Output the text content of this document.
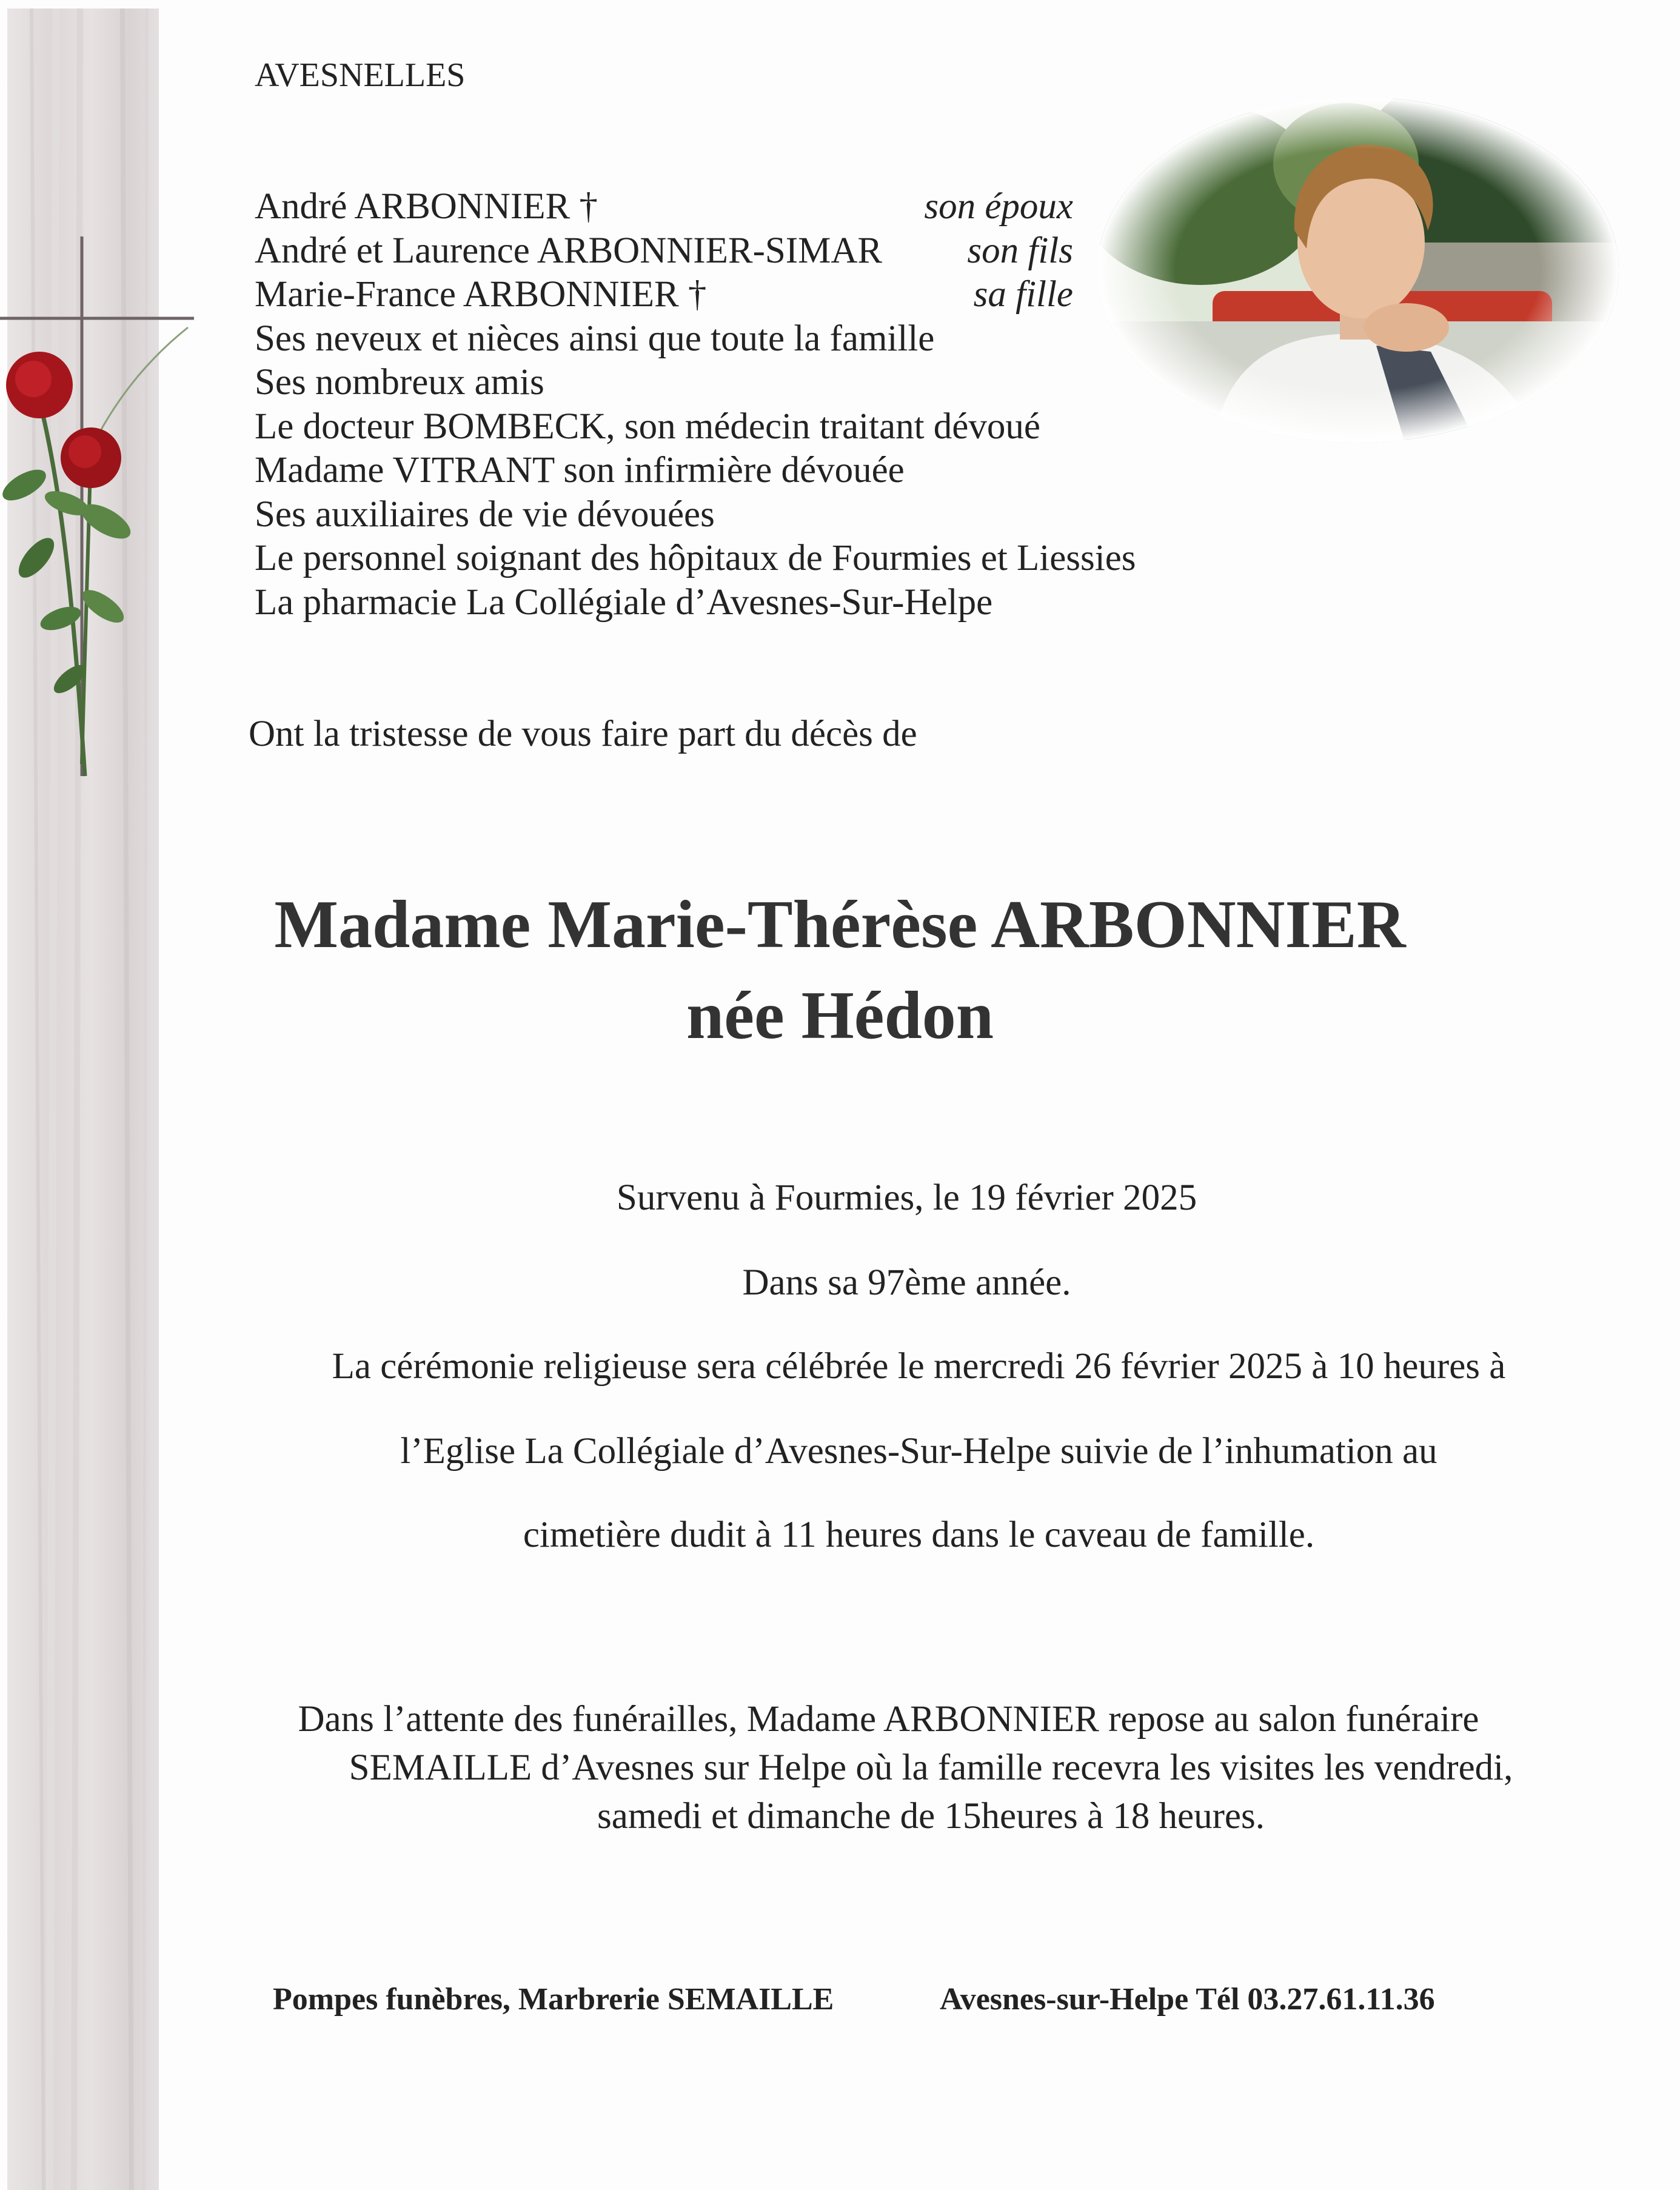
AVESNELLES
André ARBONNIER †	son époux
André et Laurence ARBONNIER-SIMAR son fils
Marie-France ARBONNIER †	sa fille
Ses neveux et nièces ainsi que toute la famille
Ses nombreux amis
Le docteur BOMBECK, son médecin traitant dévoué
Madame VITRANT son infirmière dévouée
Ses auxiliaires de vie dévouées
Le personnel soignant des hôpitaux de Fourmies et Liessies
La pharmacie La Collégiale d’Avesnes-Sur-Helpe
Ont la tristesse de vous faire part du décès de
Madame Marie-Thérèse ARBONNIER
née Hédon
Survenu à Fourmies, le 19 février 2025
Dans sa 97ème année.
La cérémonie religieuse sera célébrée le mercredi 26 février 2025 à 10 heures à
l’Eglise La Collégiale d’Avesnes-Sur-Helpe suivie de l’inhumation au
cimetière dudit à 11 heures dans le caveau de famille.
Dans l’attente des funérailles, Madame ARBONNIER repose au salon funéraire
SEMAILLE d’Avesnes sur Helpe où la famille recevra les visites les vendredi,
samedi et dimanche de 15heures à 18 heures.
Pompes funèbres, Marbrerie SEMAILLE	Avesnes-sur-Helpe Tél 03.27.61.11.36
